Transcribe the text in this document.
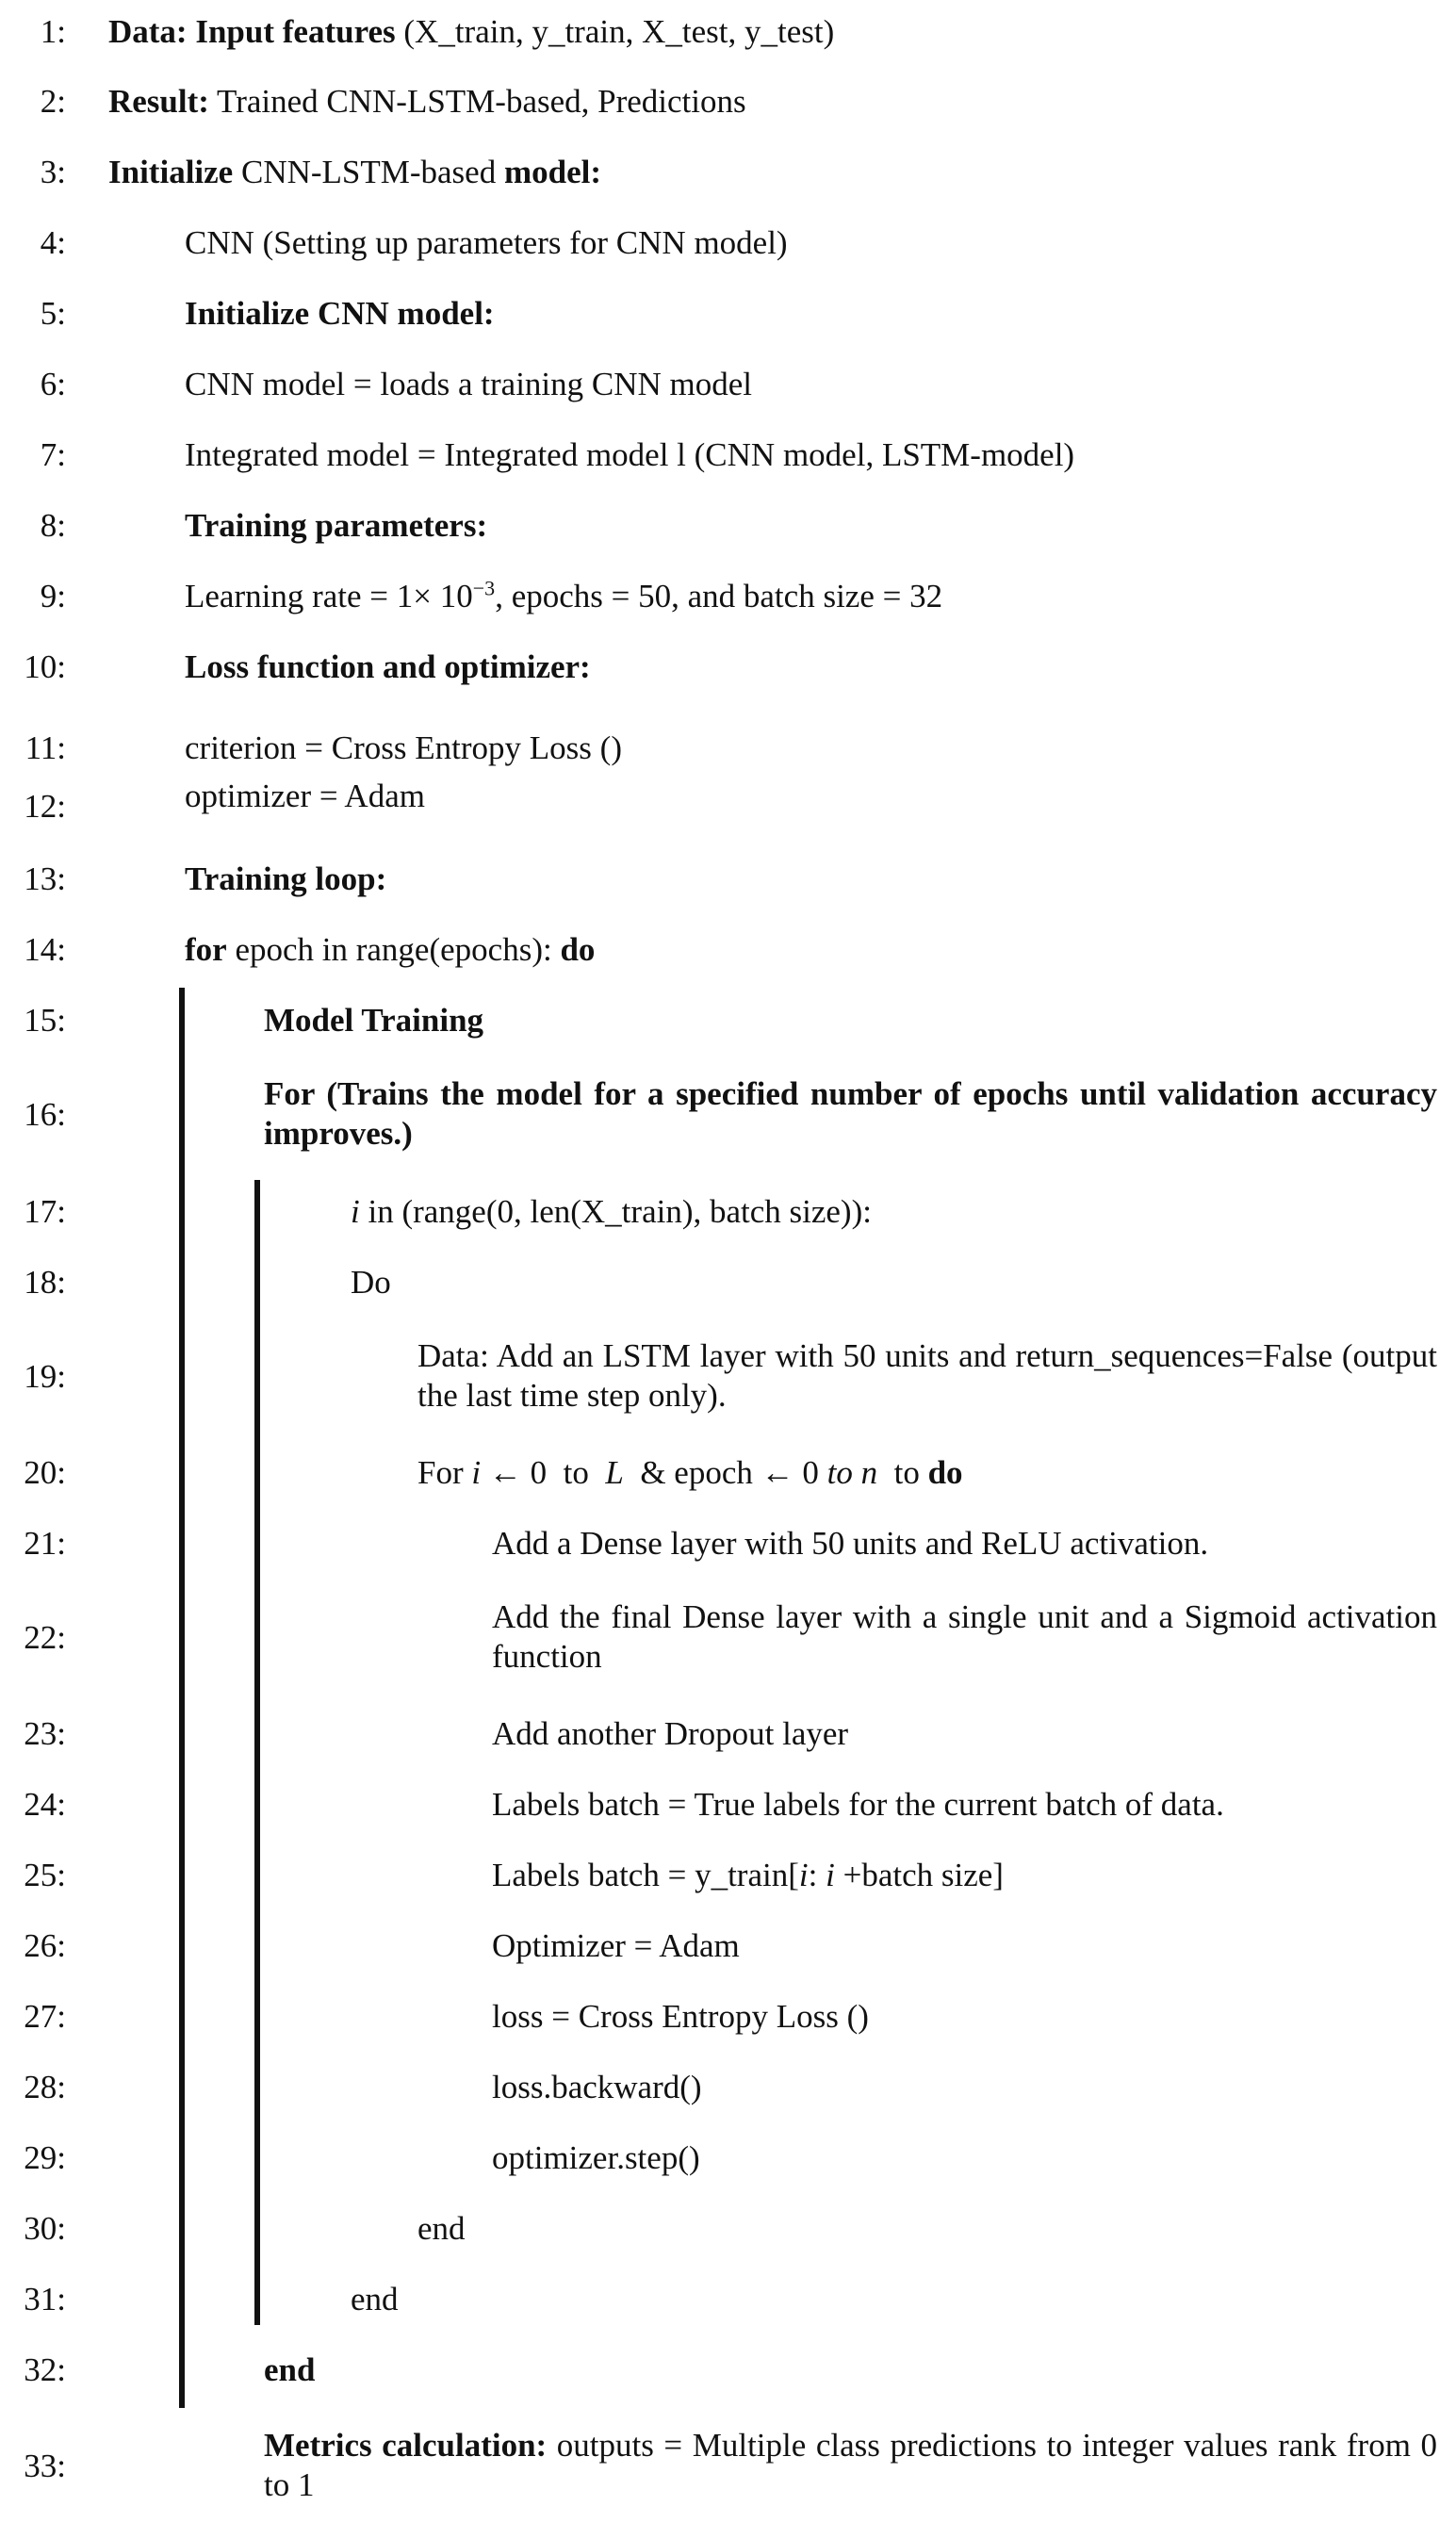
1: Data: Input features (X_train, y_train, X_test, y_test)
2: Result: Trained CNN-LSTM-based, Predictions
3: Initialize CNN-LSTM-based model:
4:	CNN (Setting up parameters for CNN model)
5:	Initialize CNN model:
6:	CNN model = loads a training CNN model
7:	Integrated model = Integrated model l (CNN model, LSTM-model)
8:	Training parameters:
9:	Learning rate = $1\times 10^{-3}$, epochs = 50, and batch size = 32
10:	Loss function and optimizer:
11:	criterion = Cross Entropy Loss ()
12:	optimizer = Adam
13:	Training loop:
14:	for epoch in range(epochs): do
15:	Model Training
16:
For (Trains the model for a specified number of epochs until validation accuracy improves.)
17:	i in (range(0, len(X_train), batch size)):
18:	Do
19:
Data: Add an LSTM layer with 50 units and return_sequences=False (output the last time step only).
20:	For i ← 0  to  L  & epoch ← 0 to n  to do
21:	Add a Dense layer with 50 units and ReLU activation.
22:
Add the final Dense layer with a single unit and a Sigmoid activation function
23:	Add another Dropout layer
24:	Labels batch = True labels for the current batch of data.
25:	Labels batch = y_train[i: i +batch size]
26:	Optimizer = Adam
27:	loss = Cross Entropy Loss ()
28:	loss.backward()
29:	optimizer.step()
30:	end
31:	end
32:	end
33:
Metrics calculation: outputs = Multiple class predictions to integer values rank from 0 to 1
